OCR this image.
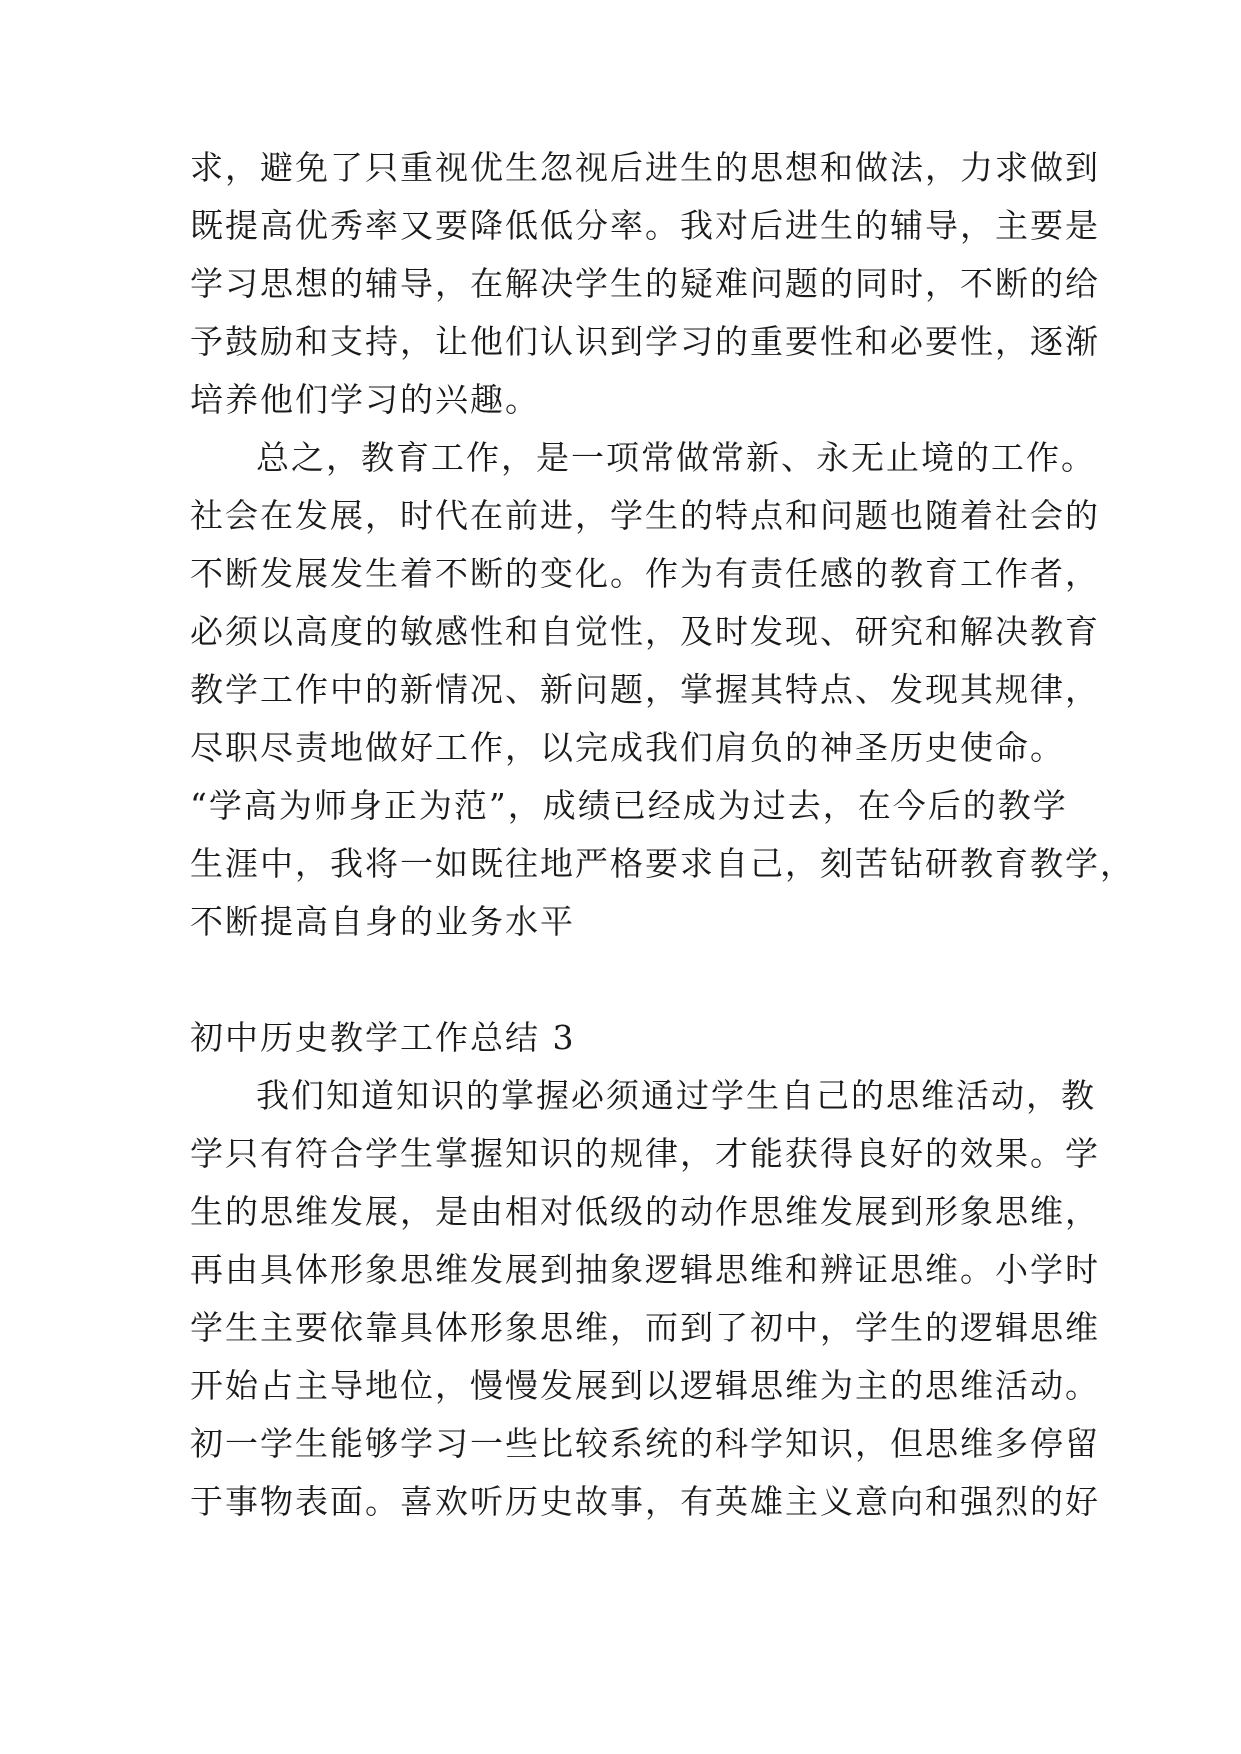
求，避免了只重视优生忽视后进生的思想和做法，力求做到
既提高优秀率又要降低低分率。我对后进生的辅导，主要是
学习思想的辅导，在解决学生的疑难问题的同时，不断的给
予鼓励和支持，让他们认识到学习的重要性和必要性，逐渐
培养他们学习的兴趣。
总之，教育工作，是一项常做常新、永无止境的工作。
社会在发展，时代在前进，学生的特点和问题也随着社会的
不断发展发生着不断的变化。作为有责任感的教育工作者，
必须以高度的敏感性和自觉性，及时发现、研究和解决教育
教学工作中的新情况、新问题，掌握其特点、发现其规律，
尽职尽责地做好工作，以完成我们肩负的神圣历史使命。
“学高为师身正为范”，成绩已经成为过去，在今后的教学
生涯中，我将一如既往地严格要求自己，刻苦钻研教育教学，
不断提高自身的业务水平
初中历史教学工作总结 3
我们知道知识的掌握必须通过学生自己的思维活动，教
学只有符合学生掌握知识的规律，才能获得良好的效果。学
生的思维发展，是由相对低级的动作思维发展到形象思维，
再由具体形象思维发展到抽象逻辑思维和辨证思维。小学时
学生主要依靠具体形象思维，而到了初中，学生的逻辑思维
开始占主导地位，慢慢发展到以逻辑思维为主的思维活动。
初一学生能够学习一些比较系统的科学知识，但思维多停留
于事物表面。喜欢听历史故事，有英雄主义意向和强烈的好
